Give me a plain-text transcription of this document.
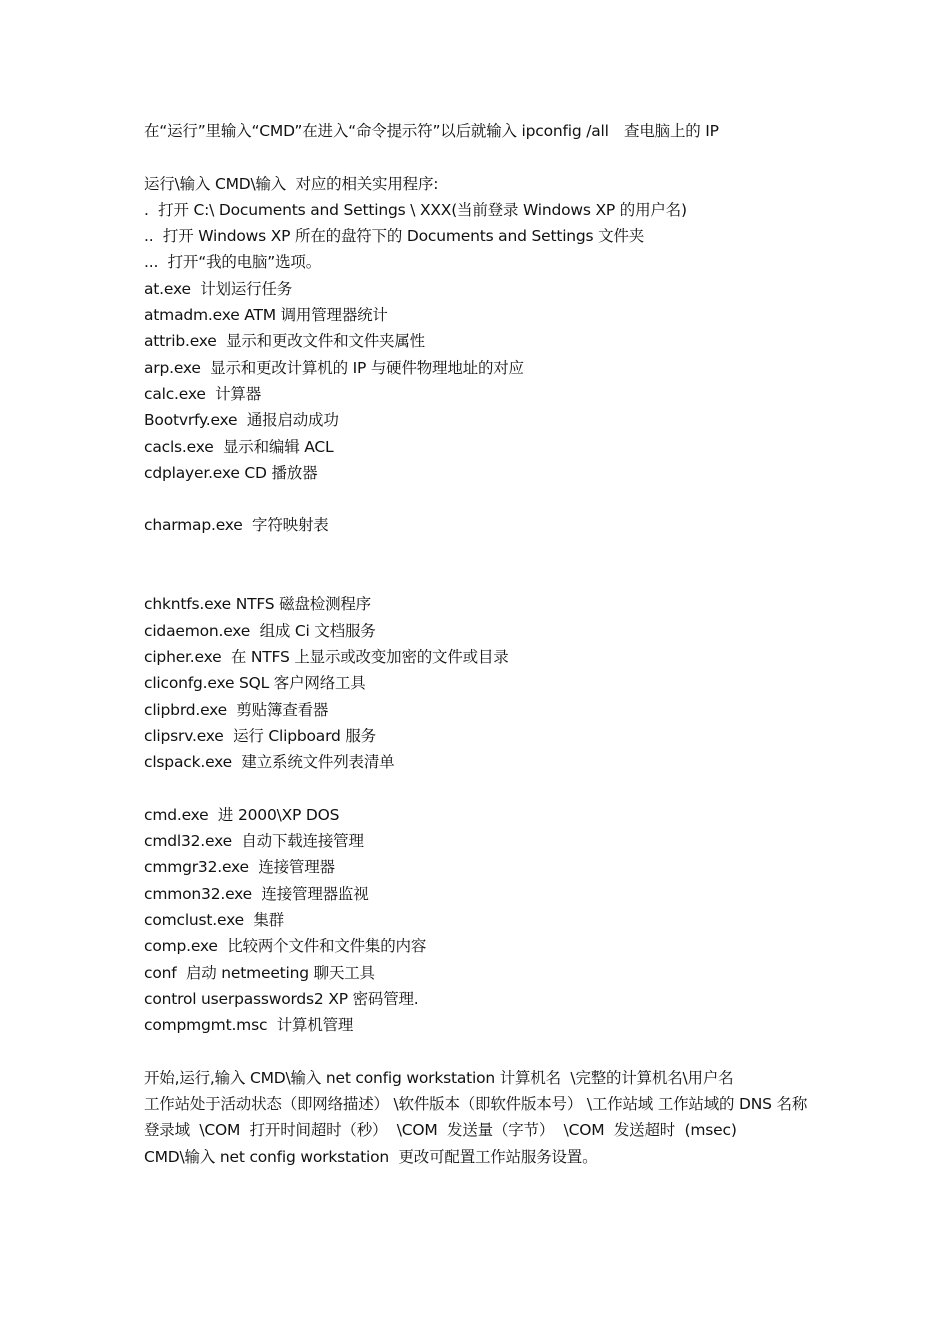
在“运行”里输入“CMD”在进入“命令提示符”以后就输入 ipconfig /all　查电脑上的 IP
运行\输入 CMD\输入  对应的相关实用程序:
.  打开 C:\ Documents and Settings \ XXX(当前登录 Windows XP 的用户名)
..  打开 Windows XP 所在的盘符下的 Documents and Settings 文件夹
...  打开“我的电脑”选项。
at.exe  计划运行任务
atmadm.exe ATM 调用管理器统计
attrib.exe  显示和更改文件和文件夹属性
arp.exe  显示和更改计算机的 IP 与硬件物理地址的对应
calc.exe  计算器
Bootvrfy.exe  通报启动成功
cacls.exe  显示和编辑 ACL
cdplayer.exe CD 播放器
charmap.exe  字符映射表
chkntfs.exe NTFS 磁盘检测程序
cidaemon.exe  组成 Ci 文档服务
cipher.exe  在 NTFS 上显示或改变加密的文件或目录
cliconfg.exe SQL 客户网络工具
clipbrd.exe  剪贴簿查看器
clipsrv.exe  运行 Clipboard 服务
clspack.exe  建立系统文件列表清单
cmd.exe  进 2000\XP DOS
cmdl32.exe  自动下载连接管理
cmmgr32.exe  连接管理器
cmmon32.exe  连接管理器监视
comclust.exe  集群
comp.exe  比较两个文件和文件集的内容
conf  启动 netmeeting 聊天工具
control userpasswords2 XP 密码管理.
compmgmt.msc  计算机管理
开始,运行,输入 CMD\输入 net config workstation 计算机名  \完整的计算机名\用户名
工作站处于活动状态（即网络描述） \软件版本（即软件版本号） \工作站域 工作站域的 DNS 名称
登录域  \COM  打开时间超时（秒）  \COM  发送量（字节）  \COM  发送超时  (msec)
CMD\输入 net config workstation  更改可配置工作站服务设置。
